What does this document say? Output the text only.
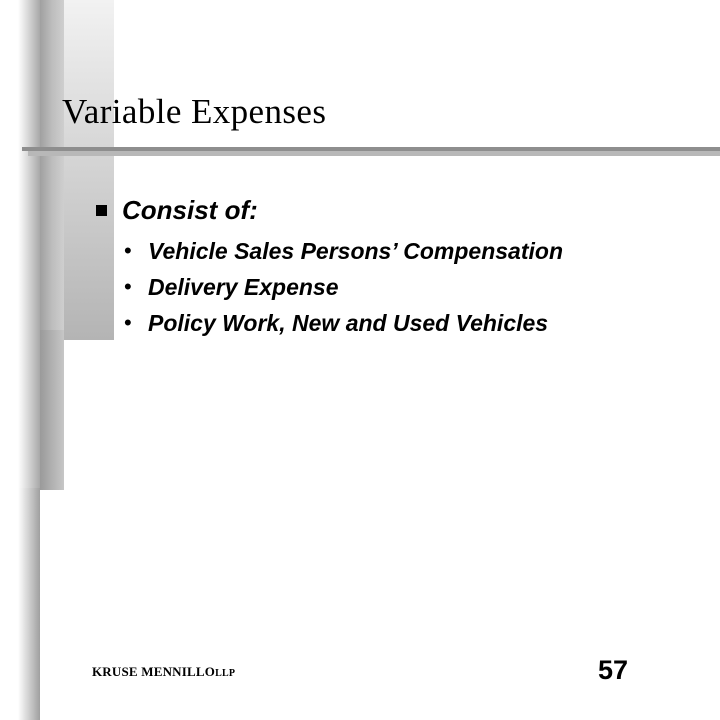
Variable Expenses
Consist of:
• Vehicle Sales Persons’ Compensation
• Delivery Expense
• Policy Work, New and Used Vehicles
KRUSE MENNILLOLLP	57
